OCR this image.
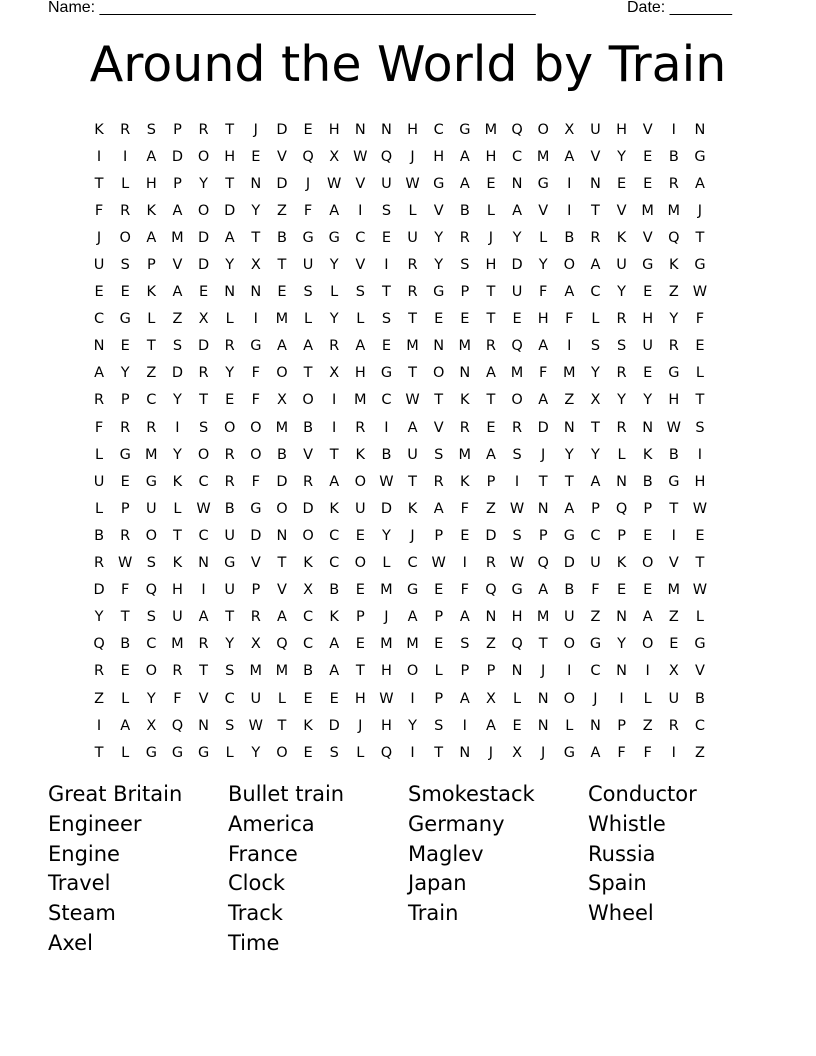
Name: _________________________________________________	Date: _______
Around the World by Train
K	R	S	P	R	T	J	D	E	H	N	N	H	C	G M Q	O	X	U	H	V	I	N
I	I	A	D	O	H	E	V	Q	X W Q	J	H	A	H	C	M	A	V	Y	E	B	G
T	L	H	P	Y	T	N	D	J	W V	U W G	A	E	N	G	I	N	E	E	R	A
F	R	K	A	O	D	Y	Z	F	A	I	S	L	V	B	L	A	V	I	T	V	M M	J
J	O	A	M D	A	T	B	G	G	C	E	U	Y	R	J	Y	L	B	R	K	V	Q	T
U	S	P	V	D	Y	X	T	U	Y	V	I	R	Y	S	H	D	Y	O	A	U	G	K	G
E	E	K	A	E	N	N	E	S	L	S	T	R	G	P	T	U	F	A	C	Y	E	Z W
C	G	L	Z	X	L	I	M	L	Y	L	S	T	E	E	T	E	H	F	L	R	H	Y	F
N	E	T	S	D	R	G	A	A	R	A	E	M N M	R	Q	A	I	S	S	U	R	E
A	Y	Z	D	R	Y	F	O	T	X	H	G	T	O	N	A	M	F	M	Y	R	E	G	L
R	P	C	Y	T	E	F	X	O	I	M	C W	T	K	T	O	A	Z	X	Y	Y	H	T
F	R	R	I	S	O	O M	B	I	R	I	A	V	R	E	R	D	N	T	R	N W S
L	G M	Y	O	R	O	B	V	T	K	B	U	S	M	A	S	J	Y	Y	L	K	B	I
U	E	G	K	C	R	F	D	R	A	O W	T	R	K	P	I	T	T	A	N	B	G	H
L	P	U	L	W B	G	O	D	K	U	D	K	A	F	Z W N	A	P	Q	P	T	W
B	R	O	T	C	U	D	N	O	C	E	Y	J	P	E	D	S	P	G	C	P	E	I	E
R W S	K	N	G	V	T	K	C	O	L	C W	I	R W Q	D	U	K	O	V	T
D	F	Q	H	I	U	P	V	X	B	E	M G	E	F	Q	G	A	B	F	E	E	M W
Y	T	S	U	A	T	R	A	C	K	P	J	A	P	A	N	H M	U	Z	N	A	Z	L
Q	B	C	M	R	Y	X	Q	C	A	E	M M	E	S	Z	Q	T	O	G	Y	O	E	G
R	E	O	R	T	S	M M	B	A	T	H	O	L	P	P	N	J	I	C	N	I	X	V
Z	L	Y	F	V	C	U	L	E	E	H W	I	P	A	X	L	N	O	J	I	L	U	B
I	A	X	Q	N	S W	T	K	D	J	H	Y	S	I	A	E	N	L	N	P	Z	R	C
T	L	G	G	G	L	Y	O	E	S	L	Q	I	T	N	J	X	J	G	A	F	F	I	Z
Great Britain
Engineer
Engine
Travel
Steam
Axel
Bullet train
America
France
Clock
Track
Time
Smokestack
Germany
Maglev
Japan
Train
Conductor
Whistle
Russia
Spain
Wheel
